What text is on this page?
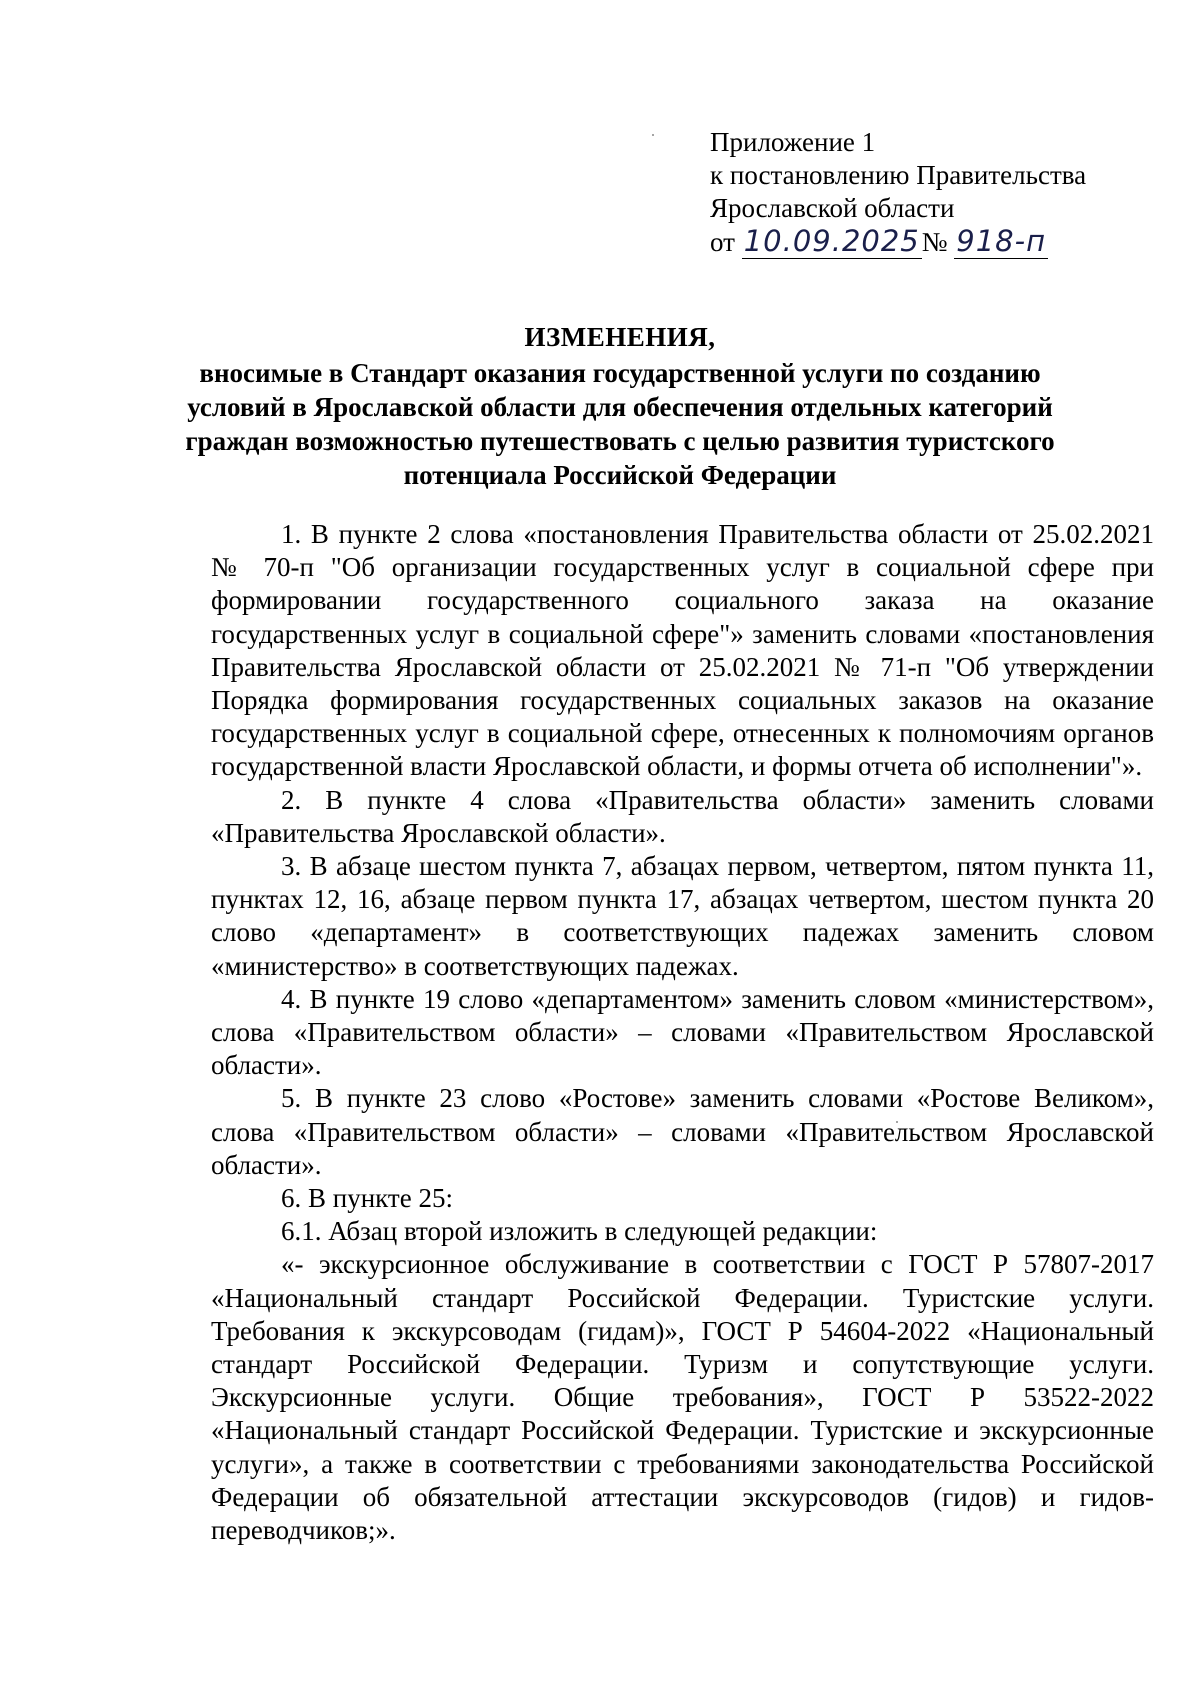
Приложение 1
к постановлению Правительства
Ярославской области
от 10.09.2025№ 918-п
ИЗМЕНЕНИЯ,
вносимые в Стандарт оказания государственной услуги по созданию условий в Ярославской области для обеспечения отдельных категорий граждан возможностью путешествовать с целью развития туристского потенциала Российской Федерации

1. В пункте 2 слова «постановления Правительства области от 25.02.2021 № 70-п "Об организации государственных услуг в социальной сфере при формировании государственного социального заказа на оказание государственных услуг в социальной сфере"» заменить словами «постановления Правительства Ярославской области от 25.02.2021 № 71-п "Об утверждении Порядка формирования государственных социальных заказов на оказание государственных услуг в социальной сфере, отнесенных к полномочиям органов государственной власти Ярославской области, и формы отчета об исполнении"».

2. В пункте 4 слова «Правительства области» заменить словами «Правительства Ярославской области».

3. В абзаце шестом пункта 7, абзацах первом, четвертом, пятом пункта 11, пунктах 12, 16, абзаце первом пункта 17, абзацах четвертом, шестом пункта 20 слово «департамент» в соответствующих падежах заменить словом «министерство» в соответствующих падежах.

4. В пункте 19 слово «департаментом» заменить словом «министерством», слова «Правительством области» – словами «Правительством Ярославской области».

5. В пункте 23 слово «Ростове» заменить словами «Ростове Великом», слова «Правительством области» – словами «Правительством Ярославской области».

6. В пункте 25:

6.1. Абзац второй изложить в следующей редакции:

«- экскурсионное обслуживание в соответствии с ГОСТ Р 57807-2017 «Национальный стандарт Российской Федерации. Туристские услуги. Требования к экскурсоводам (гидам)», ГОСТ Р 54604-2022 «Национальный стандарт Российской Федерации. Туризм и сопутствующие услуги. Экскурсионные услуги. Общие требования», ГОСТ Р 53522-2022 «Национальный стандарт Российской Федерации. Туристские и экскурсионные услуги», а также в соответствии с требованиями законодательства Российской Федерации об обязательной аттестации экскурсоводов (гидов) и гидов-переводчиков;».
